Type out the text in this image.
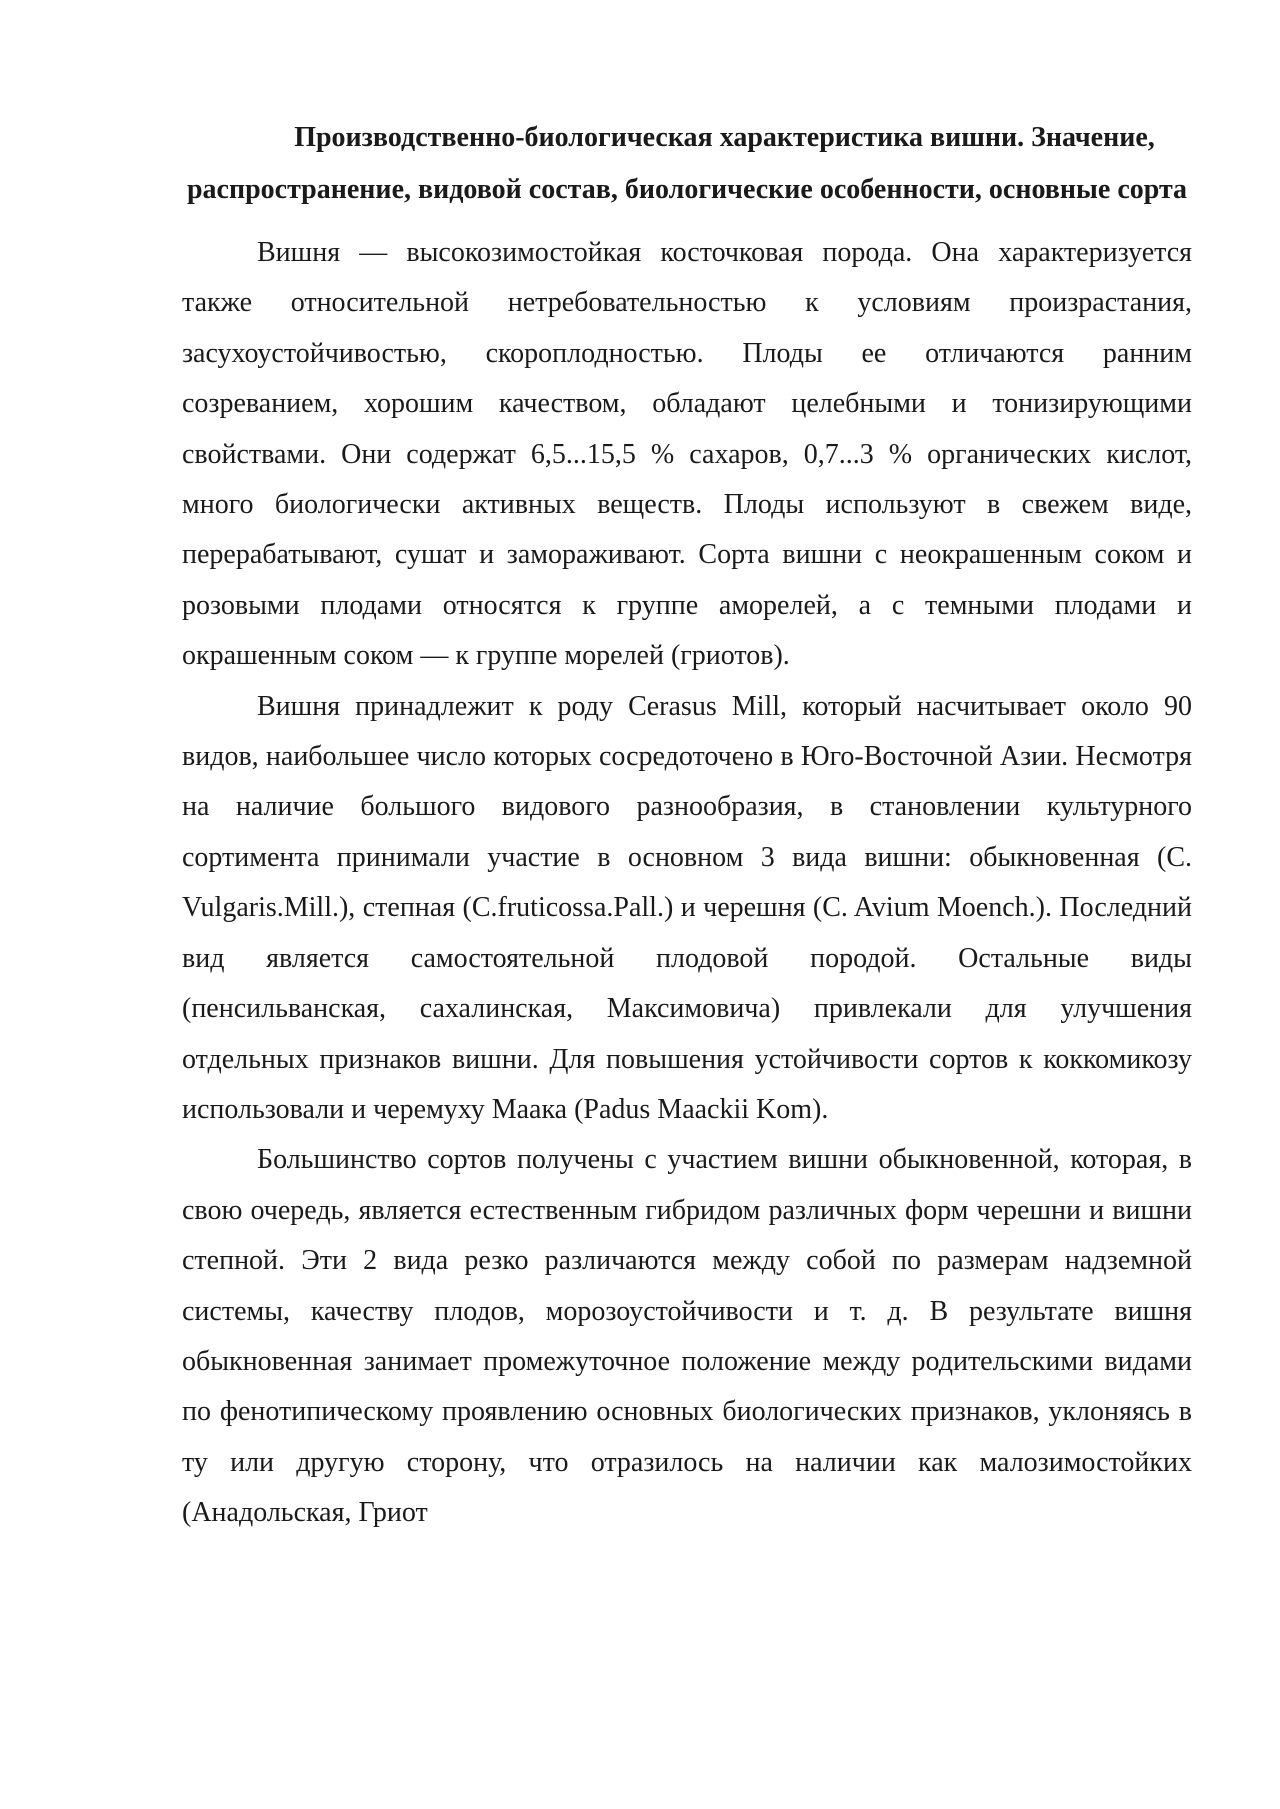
Производственно-биологическая характеристика вишни. Значение, распространение, видовой состав, биологические особенности, основные сорта

Вишня — высокозимостойкая косточковая порода. Она характеризуется также относительной нетребовательностью к условиям произрастания, засухоустойчивостью, скороплодностью. Плоды ее отличаются ранним созреванием, хорошим качеством, обладают целебными и тонизирующими свойствами. Они содержат 6,5...15,5 % сахаров, 0,7...3 % органических кислот, много биологически активных веществ. Плоды используют в свежем виде, перерабатывают, сушат и замораживают. Сорта вишни с неокрашенным соком и розовыми плодами относятся к группе аморелей, а с темными плодами и окрашенным соком — к группе морелей (гриотов).

Вишня принадлежит к роду Cerasus Mill, который насчитывает около 90 видов, наибольшее число которых сосредоточено в Юго-Восточной Азии. Несмотря на наличие большого видового разнообразия, в становлении культурного сортимента принимали участие в основном 3 вида вишни: обыкновенная (C. Vulgaris.Mill.), степная (C.fruticossa.Pall.) и черешня (C. Avium Moench.). Последний вид является самостоятельной плодовой породой. Остальные виды (пенсильванская, сахалинская, Максимовича) привлекали для улучшения отдельных признаков вишни. Для повышения устойчивости сортов к коккомикозу использовали и черемуху Маака (Padus Maackii Kom).

Большинство сортов получены с участием вишни обыкновенной, которая, в свою очередь, является естественным гибридом различных форм черешни и вишни степной. Эти 2 вида резко различаются между собой по размерам надземной системы, качеству плодов, морозоустойчивости и т. д. В результате вишня обыкновенная занимает промежуточное положение между родительскими видами по фенотипическому проявлению основных биологических признаков, уклоняясь в ту или другую сторону, что отразилось на наличии как малозимостойких (Анадольская, Гриот
